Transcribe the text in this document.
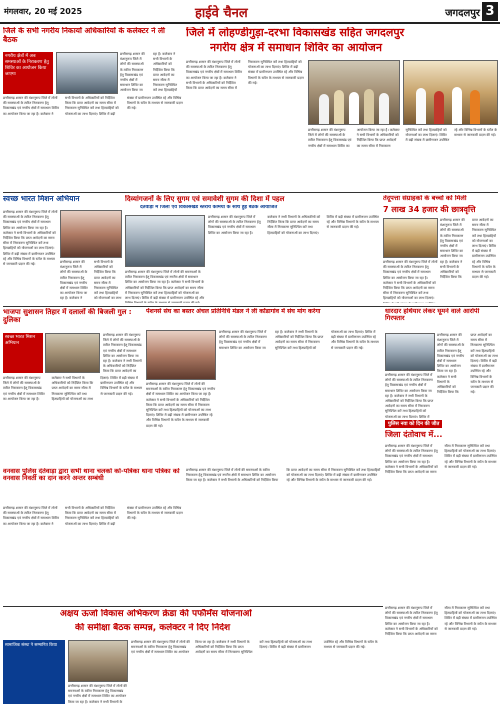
मंगलवार, 20 मई 2025	हाईवे चैनल	जगदलपुर 3
जिले के सभी नगरीय निकायों अधिकारियों के कलेक्टर ने ली बैठक
नगरीय क्षेत्रों में अब समस्याओं के निराकरण हेतु शिविर का आयोजन किया जाएगा
छत्तीसगढ़ शासन की मंशानुरूप जिले में लोगों की समस्याओं के त्वरित निराकरण हेतु विकासखंड एवं नगरीय क्षेत्रों में समाधान शिविर का आयोजन किया जा रहा है। कलेक्टर ने सभी विभागों के अधिकारियों को निर्देशित किया कि प्राप्त आवेदनों का समय सीमा में निराकरण सुनिश्चित करें तथा हितग्राहियों
छत्तीसगढ़ शासन की मंशानुरूप जिले में लोगों की समस्याओं के त्वरित निराकरण हेतु विकासखंड एवं नगरीय क्षेत्रों में समाधान शिविर का आयोजन किया जा रहा है। कलेक्टर ने सभी विभागों के अधिकारियों को निर्देशित किया कि प्राप्त आवेदनों का समय सीमा में निराकरण सुनिश्चित करें तथा हितग्राहियों को योजनाओं का लाभ दिलाएं। शिविर में बड़ी संख्या में ग्रामीणजन उपस्थित रहे और विभिन्न विभागों के स्टॉल के माध्यम से जानकारी प्रदान की गई।
जिले में लोहण्डीगुड़ा-दरभा विकासखंड सहित जगदलपुर
नगरीय क्षेत्र में समाधान शिविर का आयोजन
छत्तीसगढ़ शासन की मंशानुरूप जिले में लोगों की समस्याओं के त्वरित निराकरण हेतु विकासखंड एवं नगरीय क्षेत्रों में समाधान शिविर का आयोजन किया जा रहा है। कलेक्टर ने सभी विभागों के अधिकारियों को निर्देशित किया कि प्राप्त आवेदनों का समय सीमा में निराकरण सुनिश्चित करें तथा हितग्राहियों को योजनाओं का लाभ दिलाएं। शिविर में बड़ी संख्या में ग्रामीणजन उपस्थित रहे और विभिन्न विभागों के स्टॉल के माध्यम से जानकारी प्रदान की गई।
छत्तीसगढ़ शासन की मंशानुरूप जिले में लोगों की समस्याओं के त्वरित निराकरण हेतु विकासखंड एवं नगरीय क्षेत्रों में समाधान शिविर का आयोजन किया जा रहा है। कलेक्टर ने सभी विभागों के अधिकारियों को निर्देशित किया कि प्राप्त आवेदनों का समय सीमा में निराकरण सुनिश्चित करें तथा हितग्राहियों को योजनाओं का लाभ दिलाएं। शिविर में बड़ी संख्या में ग्रामीणजन उपस्थित रहे और विभिन्न विभागों के स्टॉल के माध्यम से जानकारी प्रदान की गई।
स्वच्छ भारत मिशन अभियान
छत्तीसगढ़ शासन की मंशानुरूप जिले में लोगों की समस्याओं के त्वरित निराकरण हेतु विकासखंड एवं नगरीय क्षेत्रों में समाधान शिविर का आयोजन किया जा रहा है। कलेक्टर ने सभी विभागों के अधिकारियों को निर्देशित किया कि प्राप्त आवेदनों का समय सीमा में निराकरण सुनिश्चित करें तथा हितग्राहियों को योजनाओं का लाभ दिलाएं। शिविर में बड़ी संख्या में ग्रामीणजन उपस्थित रहे और विभिन्न विभागों के स्टॉल के माध्यम से जानकारी प्रदान की गई।
छत्तीसगढ़ शासन की मंशानुरूप जिले में लोगों की समस्याओं के त्वरित निराकरण हेतु विकासखंड एवं नगरीय क्षेत्रों में समाधान शिविर का आयोजन किया जा रहा है। कलेक्टर ने सभी विभागों के अधिकारियों को निर्देशित किया कि प्राप्त आवेदनों का समय सीमा में निराकरण सुनिश्चित करें तथा हितग्राहियों को योजनाओं का लाभ
दिव्यांगजनों के लिए सुगम एवं समावेशी सुगम की दिशा में पहल
दंतेवाड़ा में जिला एवं विकासखंड स्तरीय कर्मियों के साथ हुई बैठक आयोजित
छत्तीसगढ़ शासन की मंशानुरूप जिले में लोगों की समस्याओं के त्वरित निराकरण हेतु विकासखंड एवं नगरीय क्षेत्रों में समाधान शिविर का आयोजन किया जा रहा है। कलेक्टर ने सभी विभागों के अधिकारियों को निर्देशित किया कि प्राप्त आवेदनों का समय सीमा में निराकरण सुनिश्चित करें तथा हितग्राहियों को योजनाओं का लाभ दिलाएं। शिविर में बड़ी संख्या में ग्रामीणजन उपस्थित रहे और विभिन्न विभागों के स्टॉल के माध्यम से जानकारी प्रदान की गई।
छत्तीसगढ़ शासन की मंशानुरूप जिले में लोगों की समस्याओं के त्वरित निराकरण हेतु विकासखंड एवं नगरीय क्षेत्रों में समाधान शिविर का आयोजन किया जा रहा है। कलेक्टर ने सभी विभागों के अधिकारियों को निर्देशित किया कि प्राप्त आवेदनों का समय सीमा में निराकरण सुनिश्चित करें तथा हितग्राहियों को योजनाओं का लाभ दिलाएं। शिविर में बड़ी संख्या में ग्रामीणजन उपस्थित रहे और
तेंदूपत्ता संग्राहकों के बच्चों को मिली
7 लाख 34 हजार की छात्रवृत्ति
छत्तीसगढ़ शासन की मंशानुरूप जिले में लोगों की समस्याओं के त्वरित निराकरण हेतु विकासखंड एवं नगरीय क्षेत्रों में समाधान शिविर का आयोजन किया जा रहा है। कलेक्टर ने सभी विभागों के अधिकारियों को निर्देशित किया कि प्राप्त आवेदनों का समय सीमा में निराकरण सुनिश्चित करें तथा हितग्राहियों को योजनाओं का लाभ दिलाएं। शिविर में बड़ी संख्या में ग्रामीणजन उपस्थित रहे और विभिन्न विभागों के स्टॉल के माध्यम से जानकारी प्रदान की गई।
छत्तीसगढ़ शासन की मंशानुरूप जिले में लोगों की समस्याओं के त्वरित निराकरण हेतु विकासखंड एवं नगरीय क्षेत्रों में समाधान शिविर का आयोजन किया जा रहा है। कलेक्टर ने सभी विभागों के अधिकारियों को निर्देशित किया कि प्राप्त आवेदनों का समय सीमा में निराकरण सुनिश्चित करें तथा हितग्राहियों को योजनाओं का लाभ दिलाएं।
भाजपा सुशासन तिहार में दलालों की बिजली गुल : दुलिका
स्वच्छ भारत मिशन अभियान
छत्तीसगढ़ शासन की मंशानुरूप जिले में लोगों की समस्याओं के त्वरित निराकरण हेतु विकासखंड एवं नगरीय क्षेत्रों में समाधान शिविर का आयोजन किया जा रहा है। कलेक्टर ने सभी विभागों के अधिकारियों को निर्देशित किया कि प्राप्त आवेदनों का समय सीमा में निराकरण सुनिश्चित करें तथा हितग्राहियों को योजनाओं का लाभ दिलाएं। शिविर में बड़ी संख्या में ग्रामीणजन उपस्थित रहे और विभिन्न विभागों के स्टॉल के माध्यम से जानकारी प्रदान की गई।
छत्तीसगढ़ शासन की मंशानुरूप जिले में लोगों की समस्याओं के त्वरित निराकरण हेतु विकासखंड एवं नगरीय क्षेत्रों में समाधान शिविर का आयोजन किया जा रहा है। कलेक्टर ने सभी विभागों के अधिकारियों को निर्देशित किया कि प्राप्त आवेदनों का
पेंशनर्स संघ का बस्तर अंचल प्रतिनिधि मंडल ने ली कोंडागांव में संघ मांग करेगा
छत्तीसगढ़ शासन की मंशानुरूप जिले में लोगों की समस्याओं के त्वरित निराकरण हेतु विकासखंड एवं नगरीय क्षेत्रों में समाधान शिविर का आयोजन किया जा रहा है। कलेक्टर ने सभी विभागों के अधिकारियों को निर्देशित किया कि प्राप्त आवेदनों का समय सीमा में निराकरण सुनिश्चित करें तथा हितग्राहियों को योजनाओं का लाभ दिलाएं। शिविर में बड़ी संख्या में ग्रामीणजन उपस्थित रहे और विभिन्न विभागों के स्टॉल के माध्यम से जानकारी प्रदान की गई।
छत्तीसगढ़ शासन की मंशानुरूप जिले में लोगों की समस्याओं के त्वरित निराकरण हेतु विकासखंड एवं नगरीय क्षेत्रों में समाधान शिविर का आयोजन किया जा रहा है। कलेक्टर ने सभी विभागों के अधिकारियों को निर्देशित किया कि प्राप्त आवेदनों का समय सीमा में निराकरण सुनिश्चित करें तथा हितग्राहियों को योजनाओं का लाभ दिलाएं। शिविर में बड़ी संख्या में ग्रामीणजन उपस्थित रहे और विभिन्न विभागों के स्टॉल के माध्यम से जानकारी प्रदान की गई।
धारदार हथियार लेकर घूमने वाले आरोपी गिरफ्तार
छत्तीसगढ़ शासन की मंशानुरूप जिले में लोगों की समस्याओं के त्वरित निराकरण हेतु विकासखंड एवं नगरीय क्षेत्रों में समाधान शिविर का आयोजन किया जा रहा है। कलेक्टर ने सभी विभागों के अधिकारियों को निर्देशित किया कि प्राप्त आवेदनों का समय सीमा में निराकरण सुनिश्चित करें तथा हितग्राहियों को योजनाओं का लाभ दिलाएं। शिविर में बड़ी संख्या में ग्रामीणजन उपस्थित रहे और विभिन्न विभागों के स्टॉल के माध्यम से जानकारी प्रदान की गई।
छत्तीसगढ़ शासन की मंशानुरूप जिले में लोगों की समस्याओं के त्वरित निराकरण हेतु विकासखंड एवं नगरीय क्षेत्रों में समाधान शिविर का आयोजन किया जा रहा है। कलेक्टर ने सभी विभागों के अधिकारियों को निर्देशित किया कि प्राप्त आवेदनों का समय सीमा में निराकरण सुनिश्चित करें तथा हितग्राहियों को योजनाओं का लाभ दिलाएं। शिविर में
पुलिस नवा को दिन की जीत
जिला दंतोवाच में...
छत्तीसगढ़ शासन की मंशानुरूप जिले में लोगों की समस्याओं के त्वरित निराकरण हेतु विकासखंड एवं नगरीय क्षेत्रों में समाधान शिविर का आयोजन किया जा रहा है। कलेक्टर ने सभी विभागों के अधिकारियों को निर्देशित किया कि प्राप्त आवेदनों का समय सीमा में निराकरण सुनिश्चित करें तथा हितग्राहियों को योजनाओं का लाभ दिलाएं। शिविर में बड़ी संख्या में ग्रामीणजन उपस्थित रहे और विभिन्न विभागों के स्टॉल के माध्यम से जानकारी प्रदान की गई।
वनवास पुलिस दंतेवाड़ा द्वारा सभी थाना चलकों को-पत्रिका थाना पत्रिका को वनवास निवर्ती का दान करने अन्तर सम्बंधी
छत्तीसगढ़ शासन की मंशानुरूप जिले में लोगों की समस्याओं के त्वरित निराकरण हेतु विकासखंड एवं नगरीय क्षेत्रों में समाधान शिविर का आयोजन किया जा रहा है। कलेक्टर ने सभी विभागों के अधिकारियों को निर्देशित किया कि प्राप्त आवेदनों का समय सीमा में निराकरण सुनिश्चित करें तथा हितग्राहियों को योजनाओं का लाभ दिलाएं। शिविर में बड़ी संख्या में ग्रामीणजन उपस्थित रहे और विभिन्न विभागों के स्टॉल के माध्यम से जानकारी प्रदान की गई।
छत्तीसगढ़ शासन की मंशानुरूप जिले में लोगों की समस्याओं के त्वरित निराकरण हेतु विकासखंड एवं नगरीय क्षेत्रों में समाधान शिविर का आयोजन किया जा रहा है। कलेक्टर ने सभी विभागों के अधिकारियों को निर्देशित किया कि प्राप्त आवेदनों का समय सीमा में निराकरण सुनिश्चित करें तथा हितग्राहियों को योजनाओं का लाभ दिलाएं। शिविर में बड़ी संख्या में ग्रामीणजन उपस्थित रहे और विभिन्न विभागों के स्टॉल के माध्यम से जानकारी प्रदान की गई।
अक्षय ऊर्जा विकास अभिकरण क्रेडा की पर्फॉर्मेंस योजनाओं
की समीक्षा बैठक सम्पन्न, कलेक्टर ने दिए निर्देश
सामाजिक संस्था ने सम्मानित किया	छत्तीसगढ़ शासन की मंशानुरूप जिले में लोगों की समस्याओं के त्वरित निराकरण हेतु विकासखंड एवं नगरीय क्षेत्रों में समाधान शिविर का आयोजन किया जा रहा है। कलेक्टर ने सभी विभागों के अधिकारियों को निर्देशित किया कि प्राप्त आवेदनों का समय सीमा में निराकरण सुनिश्चित करें तथा हितग्राहियों को योजनाओं का लाभ दिलाएं। शिविर में बड़ी संख्या में ग्रामीणजन उपस्थित रहे और विभिन्न विभागों के स्टॉल के माध्यम से जानकारी प्रदान की गई।
छत्तीसगढ़ शासन की मंशानुरूप जिले में लोगों की समस्याओं के त्वरित निराकरण हेतु विकासखंड एवं नगरीय क्षेत्रों में समाधान शिविर का आयोजन किया जा रहा है। कलेक्टर ने सभी विभागों के
छत्तीसगढ़ शासन की मंशानुरूप जिले में लोगों की समस्याओं के त्वरित निराकरण हेतु विकासखंड एवं नगरीय क्षेत्रों में समाधान शिविर का आयोजन किया जा रहा है। कलेक्टर ने सभी विभागों के अधिकारियों को निर्देशित किया कि प्राप्त आवेदनों का समय सीमा में निराकरण सुनिश्चित करें तथा हितग्राहियों को योजनाओं का लाभ दिलाएं। शिविर में बड़ी संख्या में ग्रामीणजन उपस्थित रहे और विभिन्न विभागों के स्टॉल के माध्यम से जानकारी प्रदान की गई।
